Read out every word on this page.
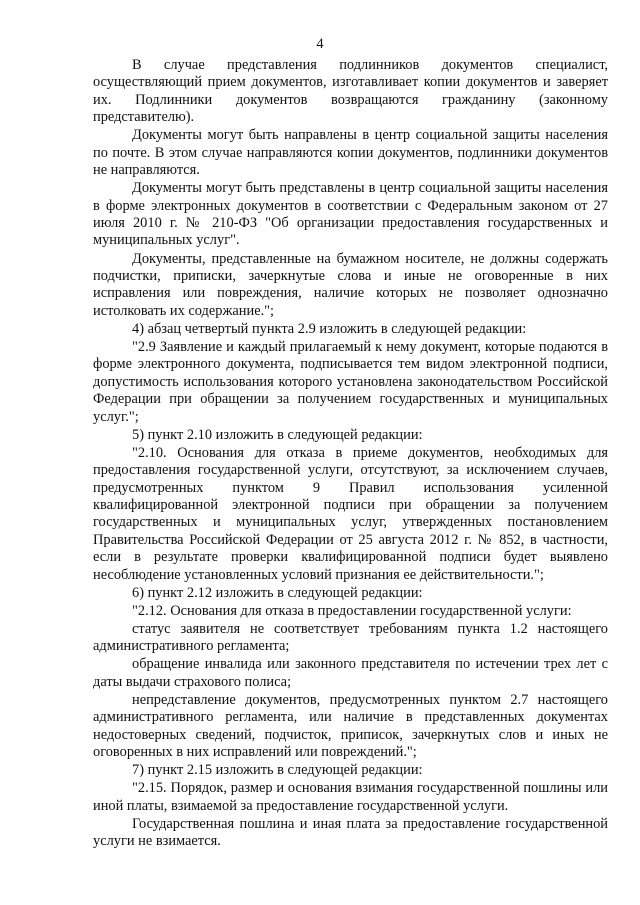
4

В случае представления подлинников документов специалист, осуществляющий прием документов, изготавливает копии документов и заверяет их. Подлинники документов возвращаются гражданину (законному представителю).

Документы могут быть направлены в центр социальной защиты населения по почте. В этом случае направляются копии документов, подлинники документов не направляются.

Документы могут быть представлены в центр социальной защиты населения в форме электронных документов в соответствии с Федеральным законом от 27 июля 2010 г. № 210-ФЗ "Об организации предоставления государственных и муниципальных услуг".

Документы, представленные на бумажном носителе, не должны содержать подчистки, приписки, зачеркнутые слова и иные не оговоренные в них исправления или повреждения, наличие которых не позволяет однозначно истолковать их содержание.";

4) абзац четвертый пункта 2.9 изложить в следующей редакции:

"2.9 Заявление и каждый прилагаемый к нему документ, которые подаются в форме электронного документа, подписывается тем видом электронной подписи, допустимость использования которого установлена законодательством Российской Федерации при обращении за получением государственных и муниципальных услуг.";

5) пункт 2.10 изложить в следующей редакции:

"2.10. Основания для отказа в приеме документов, необходимых для предоставления государственной услуги, отсутствуют, за исключением случаев, предусмотренных пунктом 9 Правил использования усиленной квалифицированной электронной подписи при обращении за получением государственных и муниципальных услуг, утвержденных постановлением Правительства Российской Федерации от 25 августа 2012 г. № 852, в частности, если в результате проверки квалифицированной подписи будет выявлено несоблюдение установленных условий признания ее действительности.";

6) пункт 2.12 изложить в следующей редакции:

"2.12. Основания для отказа в предоставлении государственной услуги:

статус заявителя не соответствует требованиям пункта 1.2 настоящего административного регламента;

обращение инвалида или законного представителя по истечении трех лет с даты выдачи страхового полиса;

непредставление документов, предусмотренных пунктом 2.7 настоящего административного регламента, или наличие в представленных документах недостоверных сведений, подчисток, приписок, зачеркнутых слов и иных не оговоренных в них исправлений или повреждений.";

7) пункт 2.15 изложить в следующей редакции:

"2.15. Порядок, размер и основания взимания государственной пошлины или иной платы, взимаемой за предоставление государственной услуги.

Государственная пошлина и иная плата за предоставление государственной услуги не взимается.
